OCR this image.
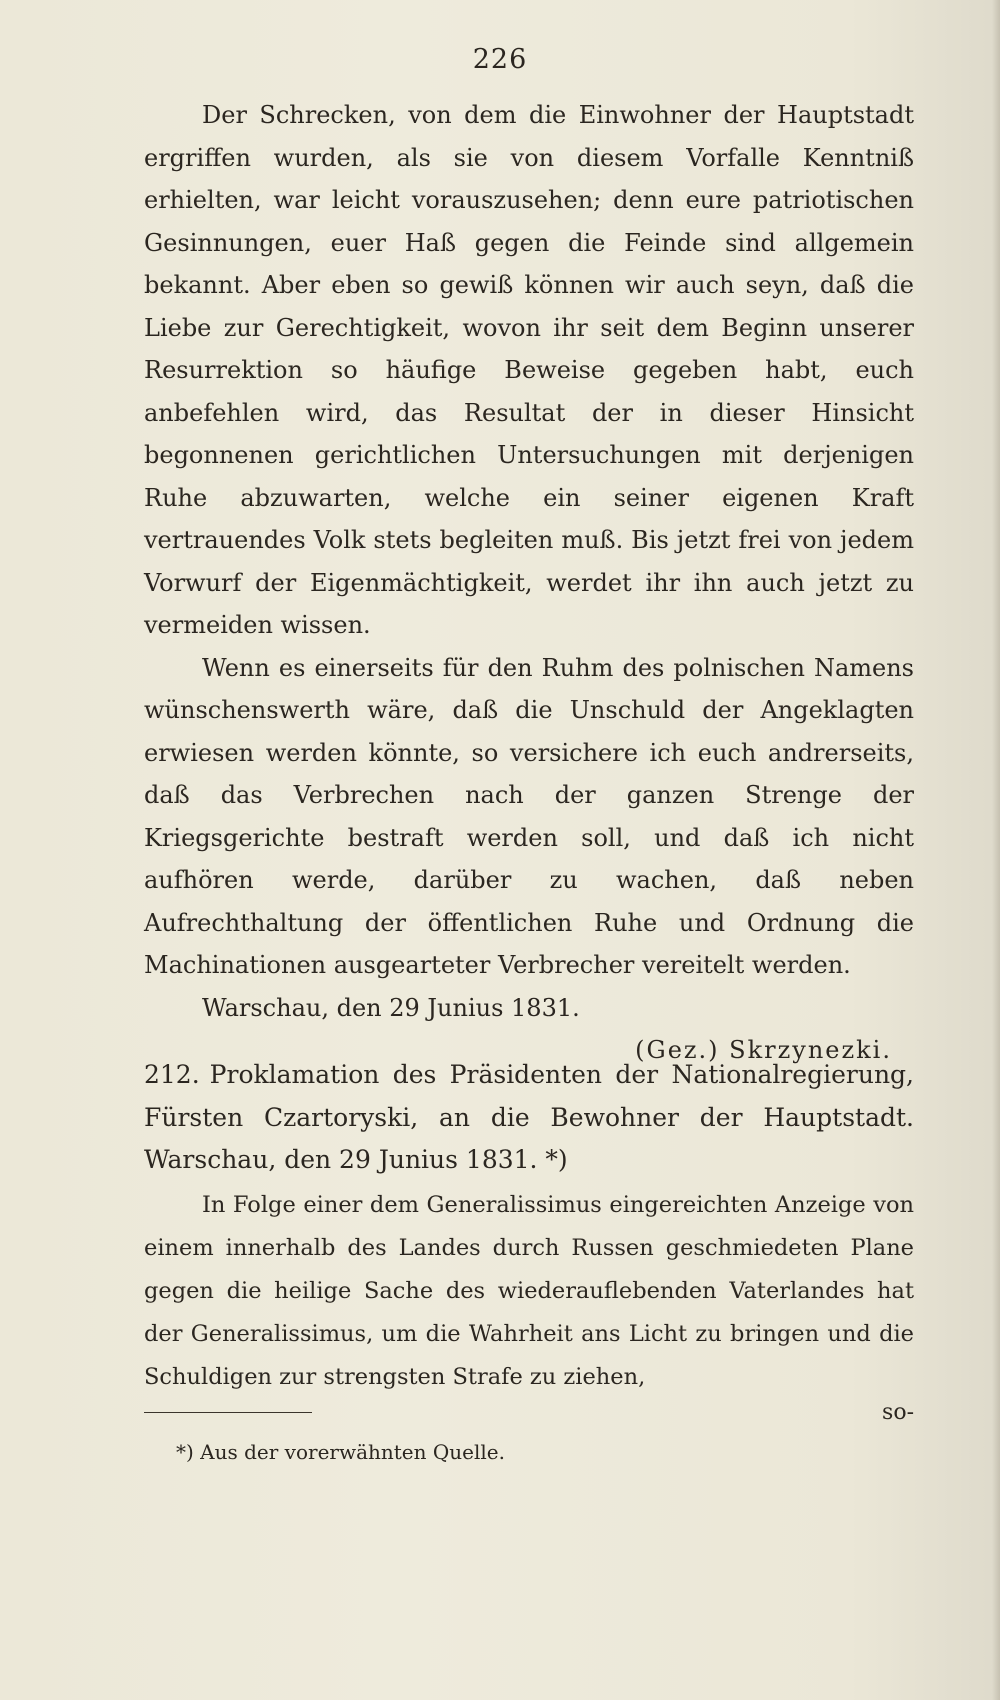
226

Der Schrecken, von dem die Einwohner der Hauptstadt ergriffen wurden, als sie von diesem Vorfalle Kenntniß erhielten, war leicht vorauszusehen; denn eure patriotischen Gesinnungen, euer Haß gegen die Feinde sind allgemein bekannt. Aber eben so gewiß können wir auch seyn, daß die Liebe zur Gerechtigkeit, wovon ihr seit dem Beginn unserer Resurrektion so häufige Beweise gegeben habt, euch anbefehlen wird, das Resultat der in dieser Hinsicht begonnenen gerichtlichen Untersuchungen mit derjenigen Ruhe abzuwarten, welche ein seiner eigenen Kraft vertrauendes Volk stets begleiten muß. Bis jetzt frei von jedem Vorwurf der Eigenmächtigkeit, werdet ihr ihn auch jetzt zu vermeiden wissen.

Wenn es einerseits für den Ruhm des polnischen Namens wünschenswerth wäre, daß die Unschuld der Angeklagten erwiesen werden könnte, so versichere ich euch andrerseits, daß das Verbrechen nach der ganzen Strenge der Kriegsgerichte bestraft werden soll, und daß ich nicht aufhören werde, darüber zu wachen, daß neben Aufrechthaltung der öffentlichen Ruhe und Ordnung die Machinationen ausgearteter Verbrecher vereitelt werden.

Warschau, den 29 Junius 1831.

(Gez.) Skrzynezki.

212. Proklamation des Präsidenten der Nationalregierung, Fürsten Czartoryski, an die Bewohner der Hauptstadt. Warschau, den 29 Junius 1831. *)

In Folge einer dem Generalissimus eingereichten Anzeige von einem innerhalb des Landes durch Russen geschmiedeten Plane gegen die heilige Sache des wiederauflebenden Vaterlandes hat der Generalissimus, um die Wahrheit ans Licht zu bringen und die Schuldigen zur strengsten Strafe zu ziehen,

so-
*) Aus der vorerwähnten Quelle.
